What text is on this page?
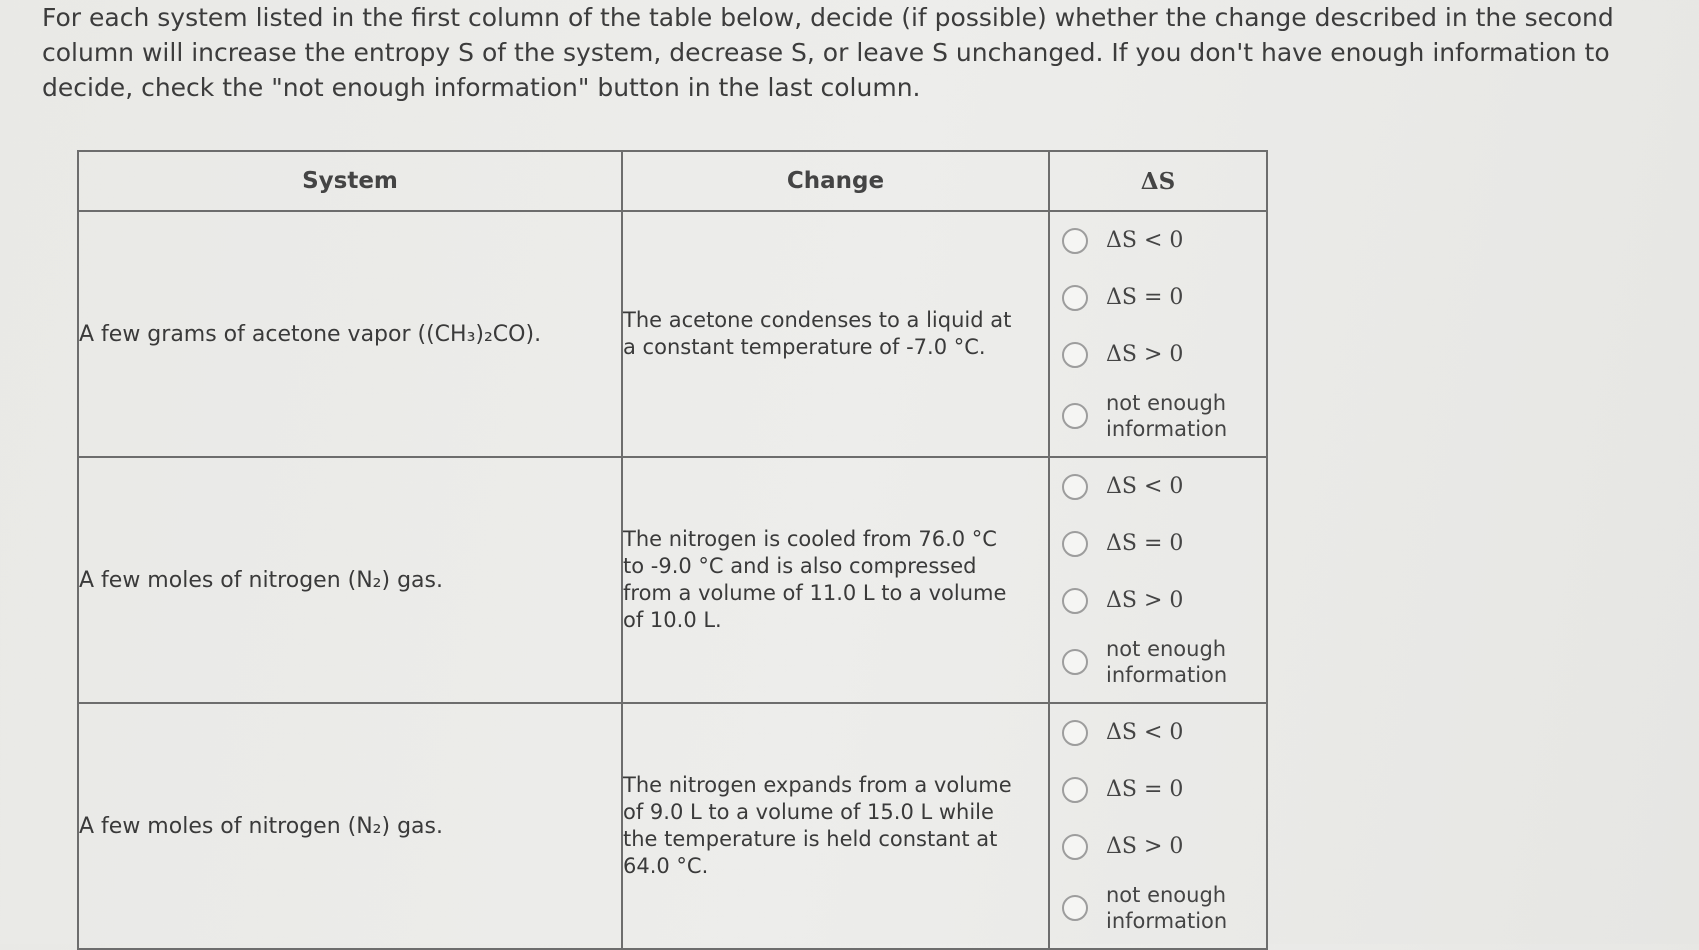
For each system listed in the first column of the table below, decide (if possible) whether the change described in the second column will increase the entropy S of the system, decrease S, or leave S unchanged. If you don't have enough information to decide, check the "not enough information" button in the last column.
System	Change	ΔS
A few grams of acetone vapor ((CH₃)₂CO).	The acetone condenses to a liquid at a constant temperature of -7.0 °C.	ΔS < 0
ΔS = 0
ΔS > 0
not enough information

A few moles of nitrogen (N₂) gas.	The nitrogen is cooled from 76.0 °C to -9.0 °C and is also compressed from a volume of 11.0 L to a volume of 10.0 L.	ΔS < 0
ΔS = 0
ΔS > 0
not enough information

A few moles of nitrogen (N₂) gas.	The nitrogen expands from a volume of 9.0 L to a volume of 15.0 L while the temperature is held constant at 64.0 °C.	ΔS < 0
ΔS = 0
ΔS > 0
not enough information
